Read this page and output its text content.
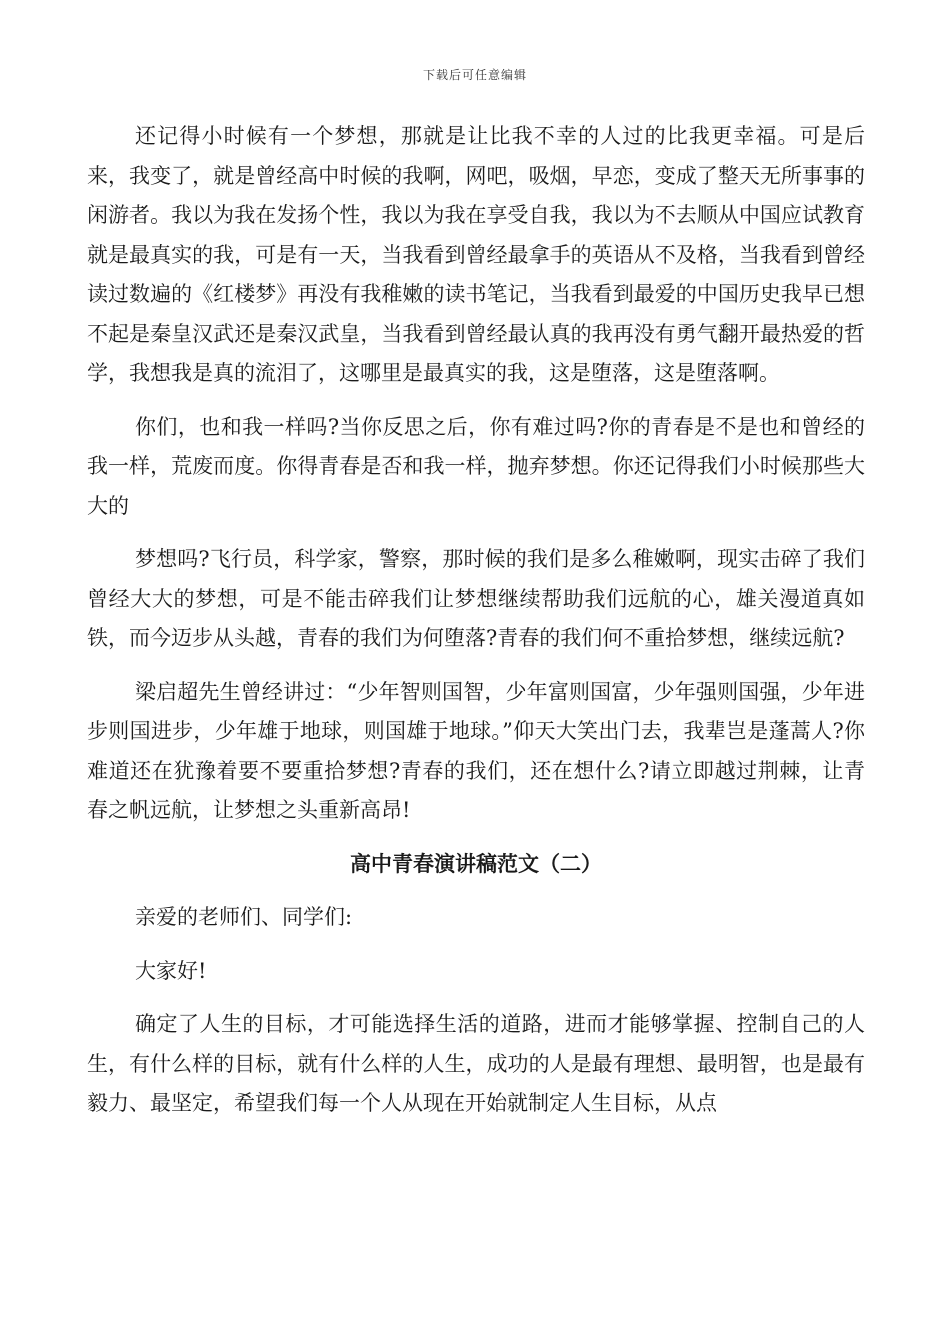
下载后可任意编辑

还记得小时候有一个梦想，那就是让比我不幸的人过的比我更幸福。可是后来，我变了，就是曾经高中时候的我啊，网吧，吸烟，早恋，变成了整天无所事事的闲游者。我以为我在发扬个性，我以为我在享受自我，我以为不去顺从中国应试教育就是最真实的我，可是有一天，当我看到曾经最拿手的英语从不及格，当我看到曾经读过数遍的《红楼梦》再没有我稚嫩的读书笔记，当我看到最爱的中国历史我早已想不起是秦皇汉武还是秦汉武皇，当我看到曾经最认真的我再没有勇气翻开最热爱的哲学，我想我是真的流泪了，这哪里是最真实的我，这是堕落，这是堕落啊。

你们，也和我一样吗?当你反思之后，你有难过吗?你的青春是不是也和曾经的我一样，荒废而度。你得青春是否和我一样，抛弃梦想。你还记得我们小时候那些大大的

梦想吗?飞行员，科学家，警察，那时候的我们是多么稚嫩啊，现实击碎了我们曾经大大的梦想，可是不能击碎我们让梦想继续帮助我们远航的心，雄关漫道真如铁，而今迈步从头越，青春的我们为何堕落?青春的我们何不重拾梦想，继续远航?

梁启超先生曾经讲过：“少年智则国智，少年富则国富，少年强则国强，少年进步则国进步，少年雄于地球，则国雄于地球。”仰天大笑出门去，我辈岂是蓬蒿人?你难道还在犹豫着要不要重拾梦想?青春的我们，还在想什么?请立即越过荆棘，让青春之帆远航，让梦想之头重新高昂!

高中青春演讲稿范文（二）

亲爱的老师们、同学们:

大家好!

确定了人生的目标，才可能选择生活的道路，进而才能够掌握、控制自己的人生，有什么样的目标，就有什么样的人生，成功的人是最有理想、最明智，也是最有毅力、最坚定，希望我们每一个人从现在开始就制定人生目标，从点
